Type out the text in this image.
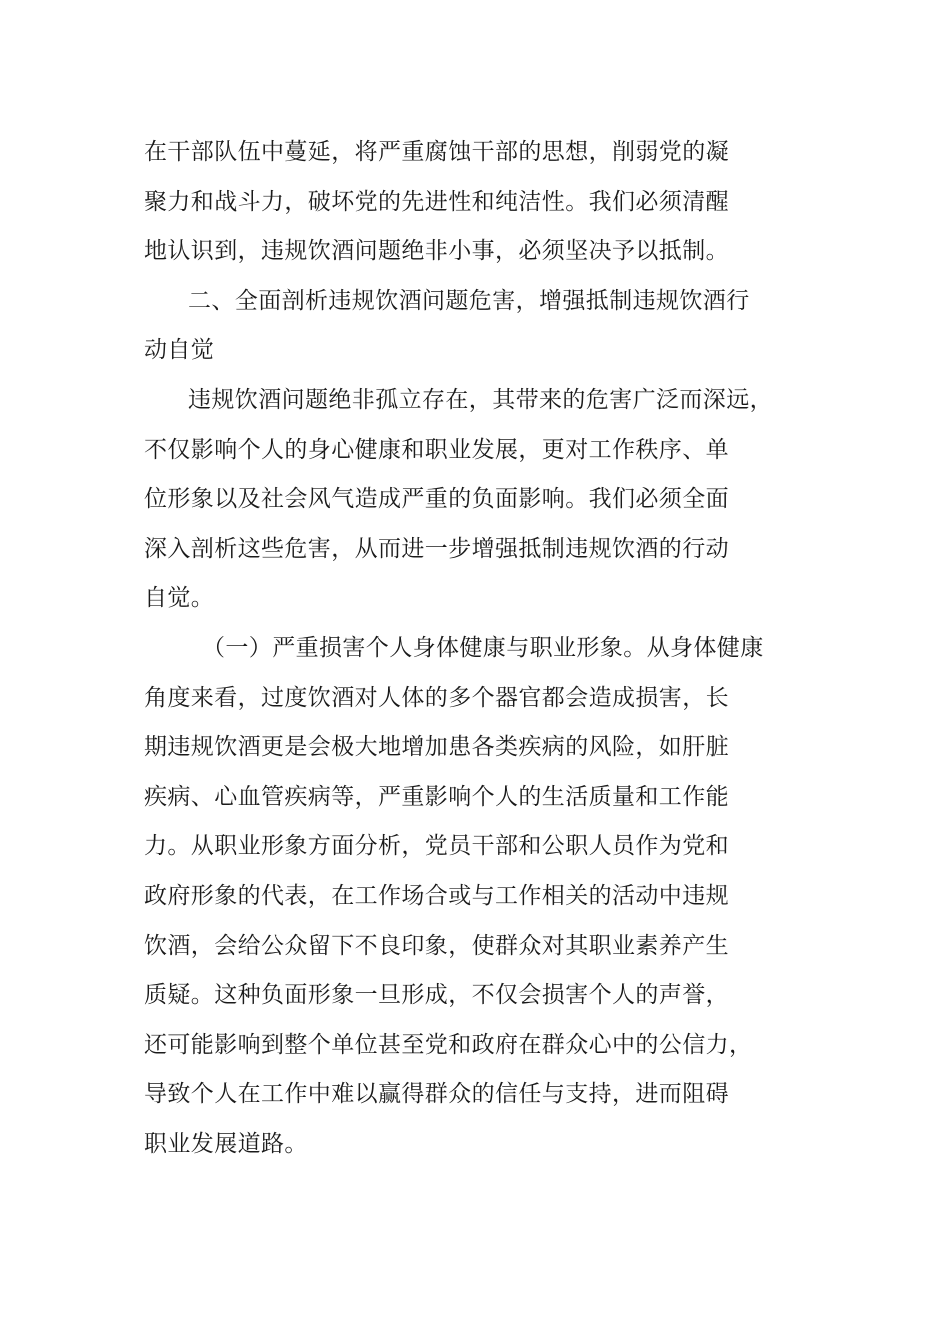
在干部队伍中蔓延，将严重腐蚀干部的思想，削弱党的凝
聚力和战斗力，破坏党的先进性和纯洁性。我们必须清醒
地认识到，违规饮酒问题绝非小事，必须坚决予以抵制。
二、全面剖析违规饮酒问题危害，增强抵制违规饮酒行
动自觉
违规饮酒问题绝非孤立存在，其带来的危害广泛而深远，
不仅影响个人的身心健康和职业发展，更对工作秩序、单
位形象以及社会风气造成严重的负面影响。我们必须全面
深入剖析这些危害，从而进一步增强抵制违规饮酒的行动
自觉。
（一）严重损害个人身体健康与职业形象。从身体健康
角度来看，过度饮酒对人体的多个器官都会造成损害，长
期违规饮酒更是会极大地增加患各类疾病的风险，如肝脏
疾病、心血管疾病等，严重影响个人的生活质量和工作能
力。从职业形象方面分析，党员干部和公职人员作为党和
政府形象的代表，在工作场合或与工作相关的活动中违规
饮酒，会给公众留下不良印象，使群众对其职业素养产生
质疑。这种负面形象一旦形成，不仅会损害个人的声誉，
还可能影响到整个单位甚至党和政府在群众心中的公信力，
导致个人在工作中难以赢得群众的信任与支持，进而阻碍
职业发展道路。
